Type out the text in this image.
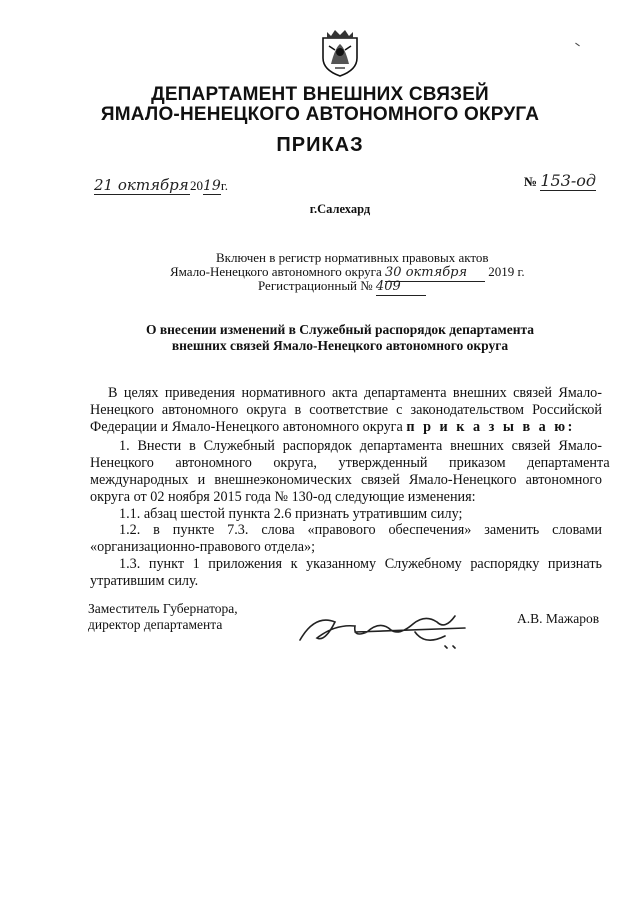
ДЕПАРТАМЕНТ ВНЕШНИХ СВЯЗЕЙ
ЯМАЛО-НЕНЕЦКОГО АВТОНОМНОГО ОКРУГА
ПРИКАЗ
21 октября2019г.	№ 153-од
г.Салехард
Включен в регистр нормативных правовых актов
Ямало-Ненецкого автономного округа 30 октября 2019 г.
Регистрационный № 409
О внесении изменений в Служебный распорядок департамента
внешних связей Ямало-Ненецкого автономного округа
В целях приведения нормативного акта департамента внешних связей Ямало-
Ненецкого автономного округа в соответствие с законодательством Российской
Федерации и Ямало-Ненецкого автономного округа п р и к а з ы в а ю:
1. Внести в Служебный распорядок департамента внешних связей Ямало-
Ненецкого автономного округа, утвержденный приказом департамента
международных и внешнеэкономических связей Ямало-Ненецкого автономного
округа от 02 ноября 2015 года № 130-од следующие изменения:
1.1. абзац шестой пункта 2.6 признать утратившим силу;
1.2. в пункте 7.3. слова «правового обеспечения» заменить словами
«организационно-правового отдела»;
1.3. пункт 1 приложения к указанному Служебному распорядку признать
утратившим силу.
Заместитель Губернатора,
директор департамента	А.В. Мажаров
